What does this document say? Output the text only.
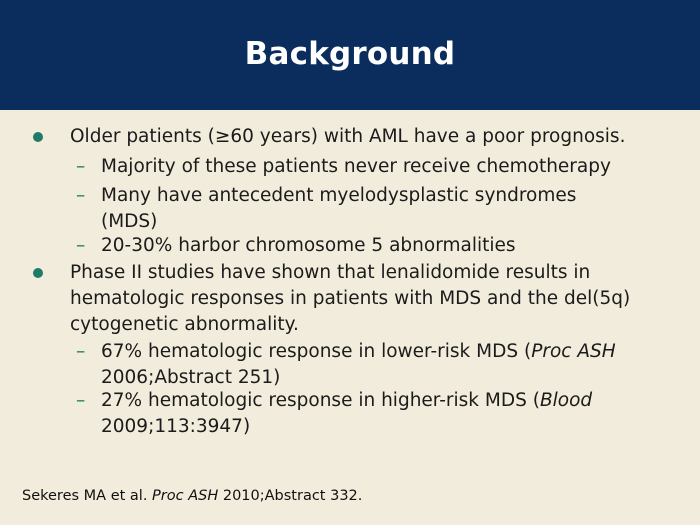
Background
Older patients (≥60 years) with AML have a poor prognosis.
– Majority of these patients never receive chemotherapy
– Many have antecedent myelodysplastic syndromes
(MDS)
– 20-30% harbor chromosome 5 abnormalities
Phase II studies have shown that lenalidomide results in
hematologic responses in patients with MDS and the del(5q)
cytogenetic abnormality.
– 67% hematologic response in lower-risk MDS (Proc ASH
2006;Abstract 251)
– 27% hematologic response in higher-risk MDS (Blood
2009;113:3947)
Sekeres MA et al. Proc ASH 2010;Abstract 332.
